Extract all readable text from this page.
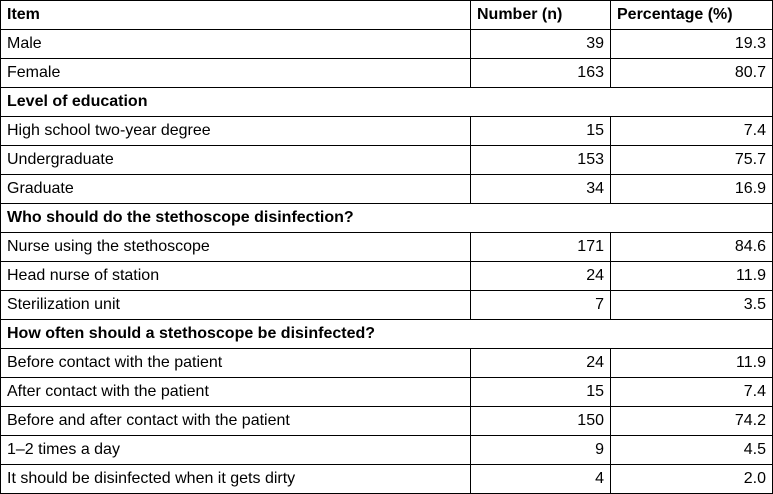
Item	Number (n)	Percentage (%)
Male	39	19.3
Female	163	80.7
Level of education		
High school two-year degree	15	7.4
Undergraduate	153	75.7
Graduate	34	16.9
Who should do the stethoscope disinfection?		
Nurse using the stethoscope	171	84.6
Head nurse of station	24	11.9
Sterilization unit	7	3.5
How often should a stethoscope be disinfected?		
Before contact with the patient	24	11.9
After contact with the patient	15	7.4
Before and after contact with the patient	150	74.2
1–2 times a day	9	4.5
It should be disinfected when it gets dirty	4	2.0
